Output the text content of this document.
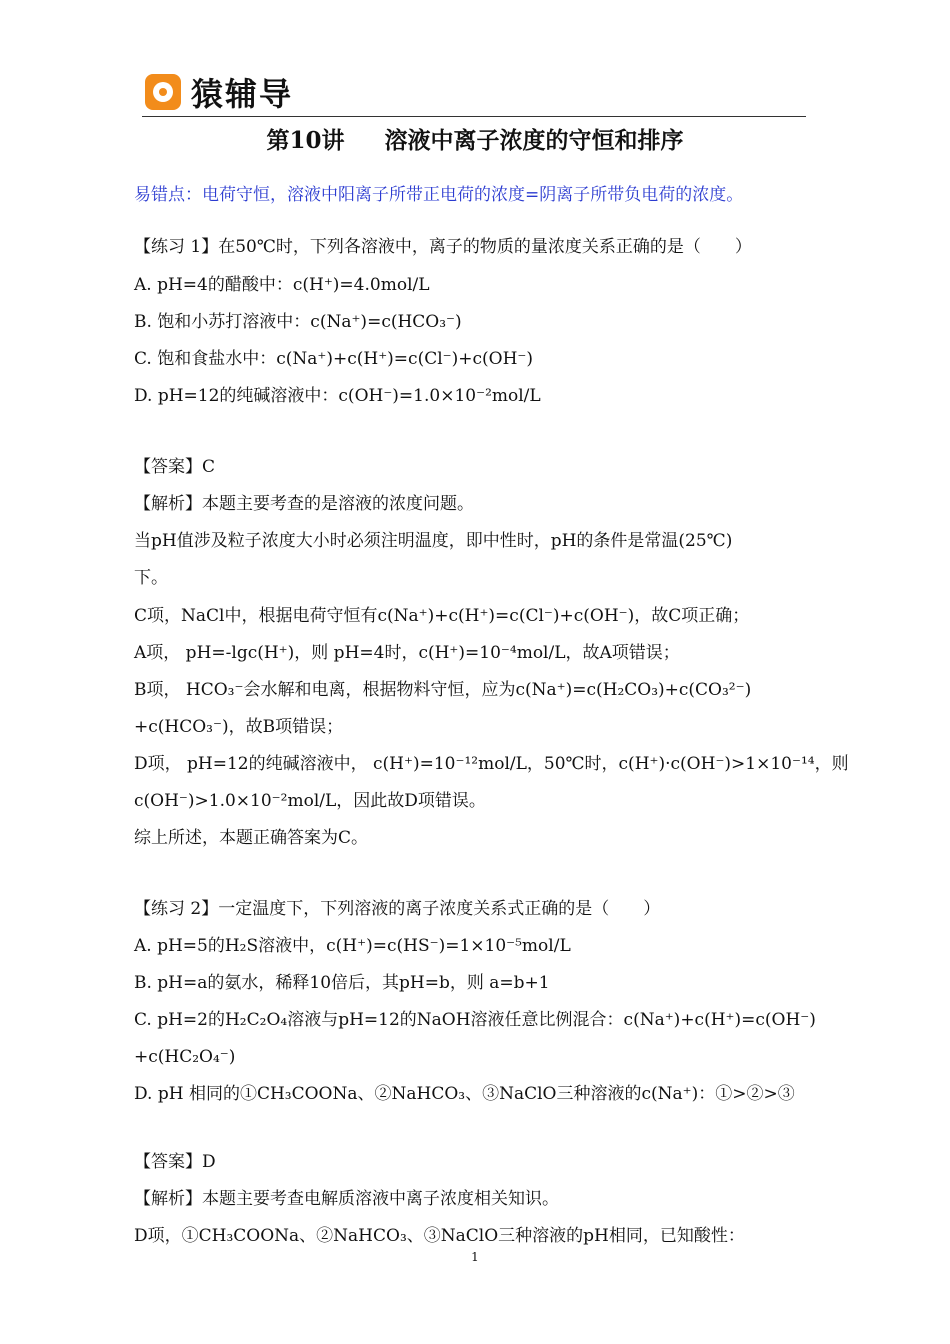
猿辅导
第10讲 溶液中离子浓度的守恒和排序
易错点：电荷守恒，溶液中阳离子所带正电荷的浓度=阴离子所带负电荷的浓度。
【练习 1】在50℃时，下列各溶液中，离子的物质的量浓度关系正确的是（　　）
A. pH=4的醋酸中：c(H⁺)=4.0mol/L
B. 饱和小苏打溶液中：c(Na⁺)=c(HCO₃⁻)
C. 饱和食盐水中：c(Na⁺)+c(H⁺)=c(Cl⁻)+c(OH⁻)
D. pH=12的纯碱溶液中：c(OH⁻)=1.0×10⁻²mol/L
【答案】C
【解析】本题主要考查的是溶液的浓度问题。
当pH值涉及粒子浓度大小时必须注明温度，即中性时，pH的条件是常温(25℃)
下。
C项，NaCl中，根据电荷守恒有c(Na⁺)+c(H⁺)=c(Cl⁻)+c(OH⁻)，故C项正确；
A项， pH=-lgc(H⁺)，则 pH=4时，c(H⁺)=10⁻⁴mol/L，故A项错误；
B项， HCO₃⁻会水解和电离，根据物料守恒，应为c(Na⁺)=c(H₂CO₃)+c(CO₃²⁻)
+c(HCO₃⁻)，故B项错误；
D项， pH=12的纯碱溶液中， c(H⁺)=10⁻¹²mol/L，50℃时，c(H⁺)·c(OH⁻)>1×10⁻¹⁴，则
c(OH⁻)>1.0×10⁻²mol/L，因此故D项错误。
综上所述，本题正确答案为C。
【练习 2】一定温度下，下列溶液的离子浓度关系式正确的是（　　）
A. pH=5的H₂S溶液中，c(H⁺)=c(HS⁻)=1×10⁻⁵mol/L
B. pH=a的氨水，稀释10倍后，其pH=b，则 a=b+1
C. pH=2的H₂C₂O₄溶液与pH=12的NaOH溶液任意比例混合：c(Na⁺)+c(H⁺)=c(OH⁻)
+c(HC₂O₄⁻)
D. pH 相同的①CH₃COONa、②NaHCO₃、③NaClO三种溶液的c(Na⁺)：①>②>③
【答案】D
【解析】本题主要考查电解质溶液中离子浓度相关知识。
D项，①CH₃COONa、②NaHCO₃、③NaClO三种溶液的pH相同，已知酸性：
1
